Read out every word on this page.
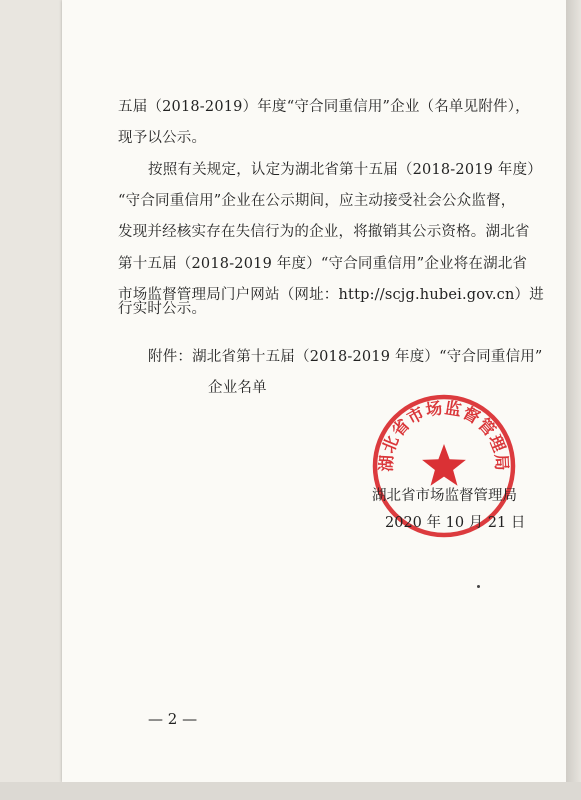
五届（2018-2019）年度“守合同重信用”企业（名单见附件），
现予以公示。
按照有关规定，认定为湖北省第十五届（2018-2019 年度）
“守合同重信用”企业在公示期间，应主动接受社会公众监督，
发现并经核实存在失信行为的企业，将撤销其公示资格。湖北省
第十五届（2018-2019 年度）“守合同重信用”企业将在湖北省
市场监督管理局门户网站（网址：http://scjg.hubei.gov.cn）进
行实时公示。
附件：湖北省第十五届（2018-2019 年度）“守合同重信用”
企业名单
湖北省市场监督管理局
湖北省市场监督管理局
2020 年 10 月 21 日
— 2 —
